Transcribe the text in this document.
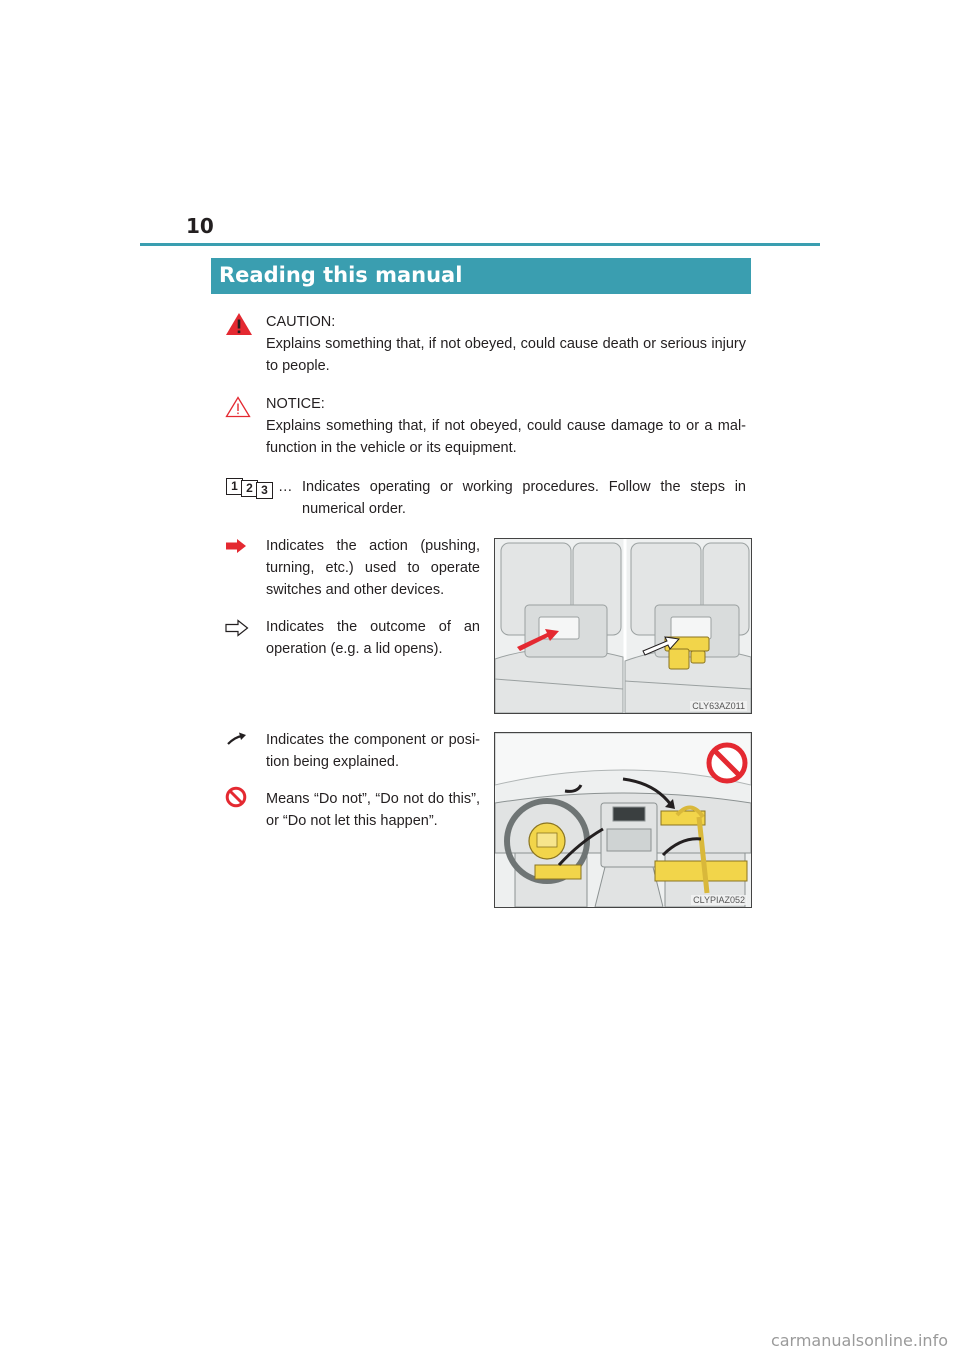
10
Reading this manual
CAUTION:
Explains something that, if not obeyed, could cause death or serious injury to people.
NOTICE:
Explains something that, if not obeyed, could cause damage to or a mal-function in the vehicle or its equipment.
1 2 3 … Indicates operating or working procedures. Follow the steps in numerical order.
Indicates the action (pushing, turning, etc.) used to operate switches and other devices.
Indicates the outcome of an operation (e.g. a lid opens).
CLY63AZ011
Indicates the component or posi-tion being explained.
Means “Do not”, “Do not do this”, or “Do not let this happen”.
CLYPIAZ052
carmanualsonline.info
